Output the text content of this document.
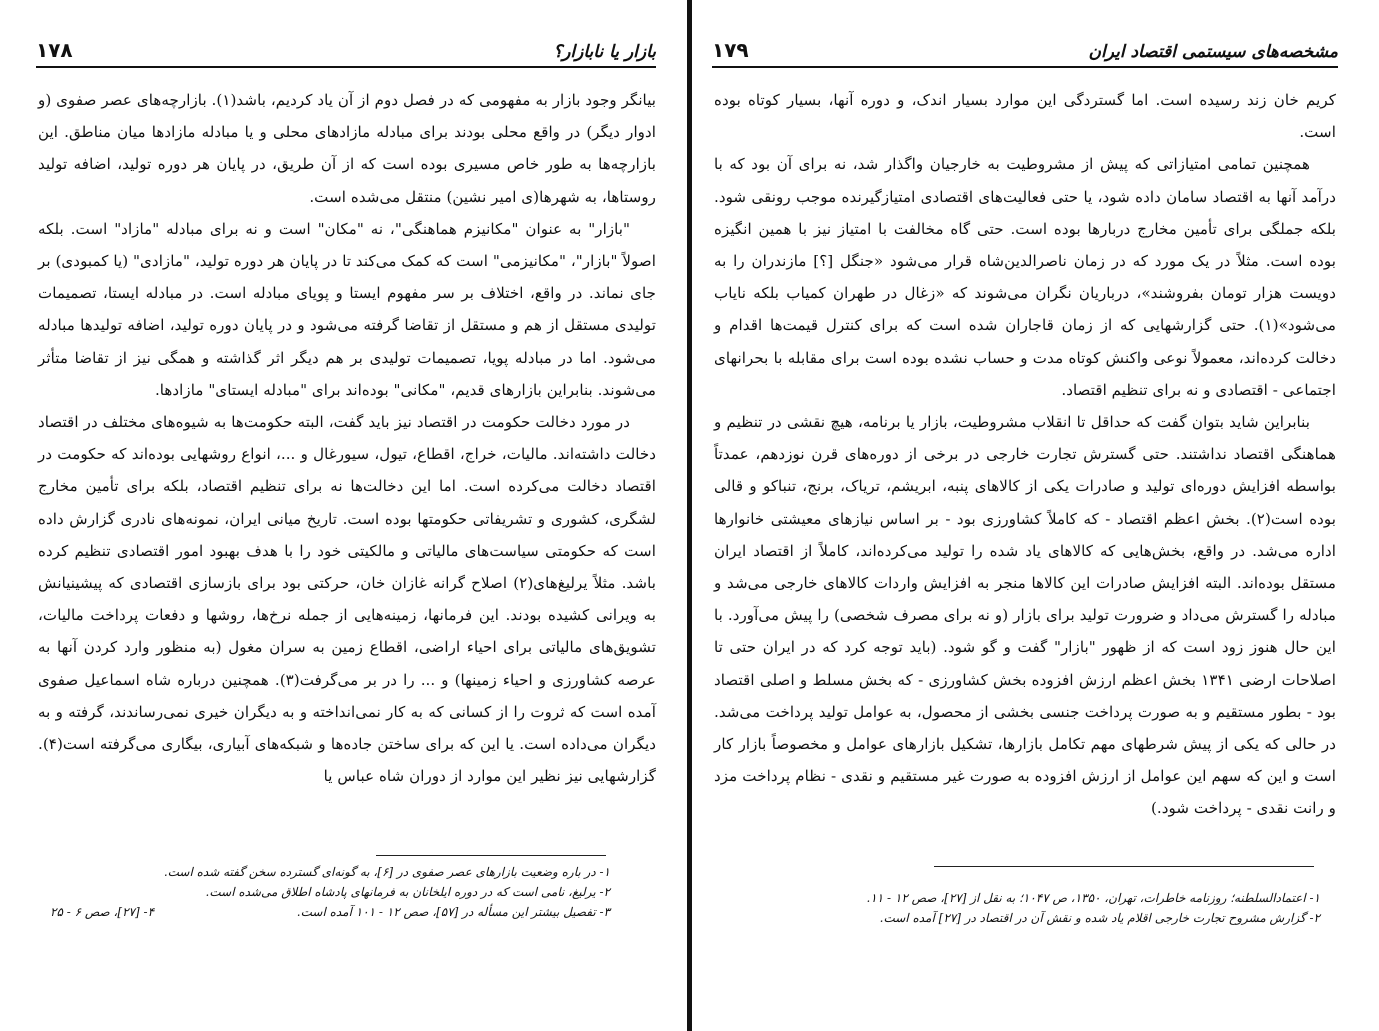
بازار یا نابازار؟
۱۷۸

بیانگر وجود بازار به مفهومی که در فصل دوم از آن یاد کردیم، باشد(۱). بازارچه‌های عصر صفوی (و ادوار دیگر) در واقع محلی بودند برای مبادله مازادهای محلی و یا مبادله مازادها میان مناطق. این بازارچه‌ها به طور خاص مسیری بوده است که از آن طریق، در پایان هر دوره تولید، اضافه تولید روستاها، به شهرها(ی امیر نشین) منتقل می‌شده است.

"بازار" به عنوان "مکانیزم هماهنگی"، نه "مکان" است و نه برای مبادله "مازاد" است. بلکه اصولاً "بازار"، "مکانیزمی" است که کمک می‌کند تا در پایان هر دوره تولید، "مازادی" (یا کمبودی) بر جای نماند. در واقع، اختلاف بر سر مفهوم ایستا و پویای مبادله است. در مبادله ایستا، تصمیمات تولیدی مستقل از هم و مستقل از تقاضا گرفته می‌شود و در پایان دوره تولید، اضافه تولیدها مبادله می‌شود. اما در مبادله پویا، تصمیمات تولیدی بر هم دیگر اثر گذاشته و همگی نیز از تقاضا متأثر می‌شوند. بنابراین بازارهای قدیم، "مکانی" بوده‌اند برای "مبادله ایستای" مازادها.

در مورد دخالت حکومت در اقتصاد نیز باید گفت، البته حکومت‌ها به شیوه‌های مختلف در اقتصاد دخالت داشته‌اند. مالیات، خراج، اقطاع، تیول، سیورغال و ...، انواع روشهایی بوده‌اند که حکومت در اقتصاد دخالت می‌کرده است. اما این دخالت‌ها نه برای تنظیم اقتصاد، بلکه برای تأمین مخارج لشگری، کشوری و تشریفاتی حکومتها بوده است. تاریخ میانی ایران، نمونه‌های نادری گزارش داده است که حکومتی سیاست‌های مالیاتی و مالکیتی خود را با هدف بهبود امور اقتصادی تنظیم کرده باشد. مثلاً یرلیغ‌های(۲) اصلاح گرانه غازان خان، حرکتی بود برای بازسازی اقتصادی که پیشینیانش به ویرانی کشیده بودند. این فرمانها، زمینه‌هایی از جمله نرخ‌ها، روشها و دفعات پرداخت مالیات، تشویق‌های مالیاتی برای احیاء اراضی، اقطاع زمین به سران مغول (به منظور وارد کردن آنها به عرصه کشاورزی و احیاء زمینها) و ... را در بر می‌گرفت(۳). همچنین درباره شاه اسماعیل صفوی آمده است که ثروت را از کسانی که به کار نمی‌انداخته و به دیگران خیری نمی‌رساندند، گرفته و به دیگران می‌داده است. یا این که برای ساختن جاده‌ها و شبکه‌های آبیاری، بیگاری می‌گرفته است(۴). گزارشهایی نیز نظیر این موارد از دوران شاه عباس یا

۱- در باره وضعیت بازارهای عصر صفوی در [۶]، به گونه‌ای گسترده سخن گفته شده است.
۲- یرلیغ، نامی است که در دوره ایلخانان به فرمانهای پادشاه اطلاق می‌شده است.
۳- تفصیل بیشتر این مسأله در [۵۷]، صص ۱۲ - ۱۰۱ آمده است.
۴- [۲۷]، صص ۶ - ۲۵
مشخصه‌های سیستمی اقتصاد ایران
۱۷۹

کریم خان زند رسیده است. اما گستردگی این موارد بسیار اندک، و دوره آنها، بسیار کوتاه بوده است.

همچنین تمامی امتیازاتی که پیش از مشروطیت به خارجیان واگذار شد، نه برای آن بود که با درآمد آنها به اقتصاد سامان داده شود، یا حتی فعالیت‌های اقتصادی امتیازگیرنده موجب رونقی شود. بلکه جملگی برای تأمین مخارج دربارها بوده است. حتی گاه مخالفت با امتیاز نیز با همین انگیزه بوده است. مثلاً در یک مورد که در زمان ناصرالدین‌شاه قرار می‌شود «جنگل [؟] مازندران را به دویست هزار تومان بفروشند»، درباریان نگران می‌شوند که «زغال در طهران کمیاب بلکه نایاب می‌شود»(۱). حتی گزارشهایی که از زمان قاجاران شده است که برای کنترل قیمت‌ها اقدام و دخالت کرده‌اند، معمولاً نوعی واکنش کوتاه مدت و حساب نشده بوده است برای مقابله با بحرانهای اجتماعی - اقتصادی و نه برای تنظیم اقتصاد.

بنابراین شاید بتوان گفت که حداقل تا انقلاب مشروطیت، بازار یا برنامه، هیچ نقشی در تنظیم و هماهنگی اقتصاد نداشتند. حتی گسترش تجارت خارجی در برخی از دوره‌های قرن نوزدهم، عمدتاً بواسطه افزایش دوره‌ای تولید و صادرات یکی از کالاهای پنبه، ابریشم، تریاک، برنج، تنباکو و قالی بوده است(۲). بخش اعظم اقتصاد - که کاملاً کشاورزی بود - بر اساس نیازهای معیشتی خانوارها اداره می‌شد. در واقع، بخش‌هایی که کالاهای یاد شده را تولید می‌کرده‌اند، کاملاً از اقتصاد ایران مستقل بوده‌اند. البته افزایش صادرات این کالاها منجر به افزایش واردات کالاهای خارجی می‌شد و مبادله را گسترش می‌داد و ضرورت تولید برای بازار (و نه برای مصرف شخصی) را پیش می‌آورد. با این حال هنوز زود است که از ظهور "بازار" گفت و گو شود. (باید توجه کرد که در ایران حتی تا اصلاحات ارضی ۱۳۴۱ بخش اعظم ارزش افزوده بخش کشاورزی - که بخش مسلط و اصلی اقتصاد بود - بطور مستقیم و به صورت پرداخت جنسی بخشی از محصول، به عوامل تولید پرداخت می‌شد. در حالی که یکی از پیش شرطهای مهم تکامل بازارها، تشکیل بازارهای عوامل و مخصوصاً بازار کار است و این که سهم این عوامل از ارزش افزوده به صورت غیر مستقیم و نقدی - نظام پرداخت مزد و رانت نقدی - پرداخت شود.)

۱- اعتمادالسلطنه؛ روزنامه خاطرات، تهران، ۱۳۵۰، ص ۱۰۴۷؛ به نقل از [۲۷]، صص ۱۲ - ۱۱.
۲- گزارش مشروح تجارت خارجی اقلام یاد شده و نقش آن در اقتصاد در [۲۷] آمده است.
